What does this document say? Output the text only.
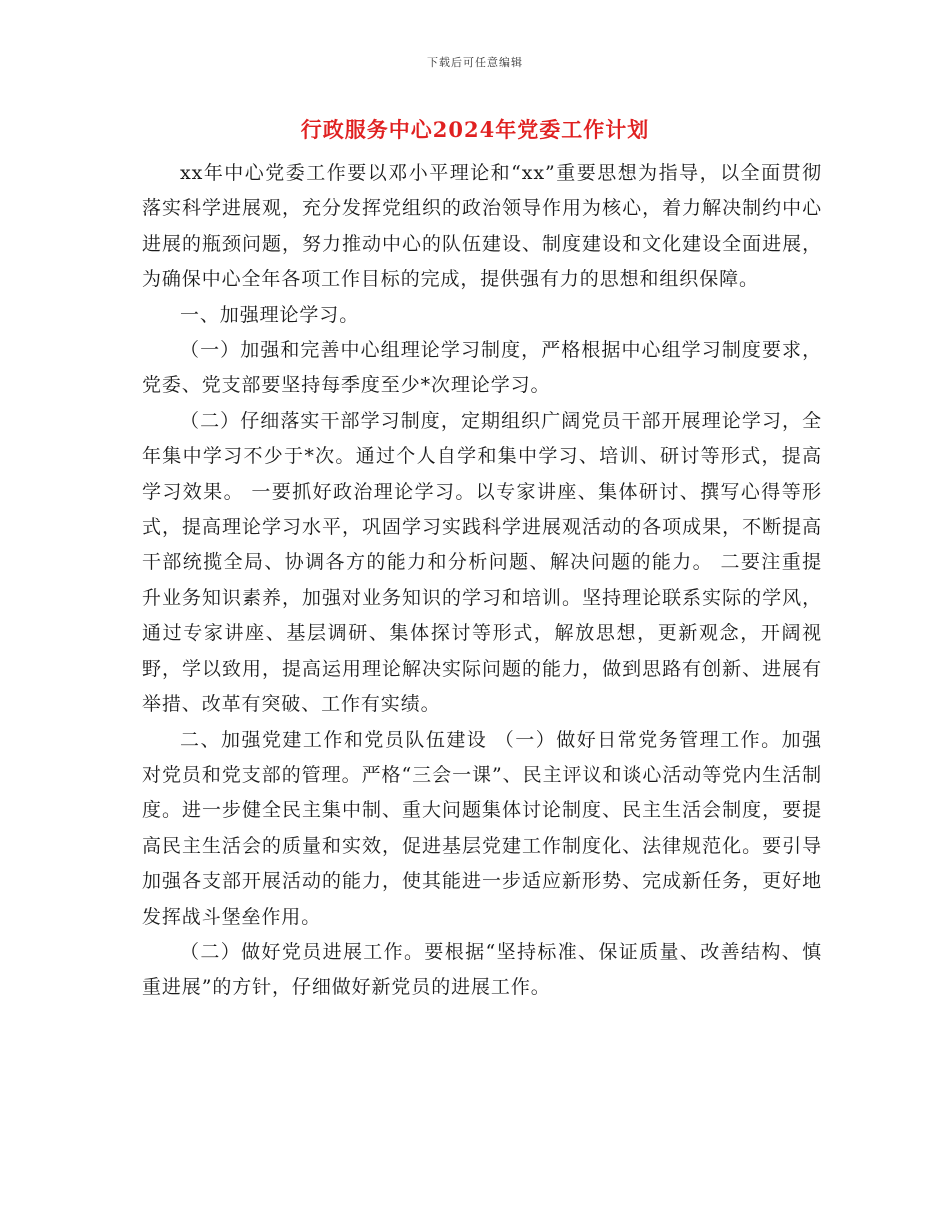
下载后可任意编辑
行政服务中心2024年党委工作计划

xx年中心党委工作要以邓小平理论和“xx”重要思想为指导，以全面贯彻落实科学进展观，充分发挥党组织的政治领导作用为核心，着力解决制约中心进展的瓶颈问题，努力推动中心的队伍建设、制度建设和文化建设全面进展，为确保中心全年各项工作目标的完成，提供强有力的思想和组织保障。

一、加强理论学习。

（一）加强和完善中心组理论学习制度，严格根据中心组学习制度要求，党委、党支部要坚持每季度至少*次理论学习。

（二）仔细落实干部学习制度，定期组织广阔党员干部开展理论学习，全年集中学习不少于*次。通过个人自学和集中学习、培训、研讨等形式，提高学习效果。 一要抓好政治理论学习。以专家讲座、集体研讨、撰写心得等形式，提高理论学习水平，巩固学习实践科学进展观活动的各项成果，不断提高干部统揽全局、协调各方的能力和分析问题、解决问题的能力。 二要注重提升业务知识素养，加强对业务知识的学习和培训。坚持理论联系实际的学风，通过专家讲座、基层调研、集体探讨等形式，解放思想，更新观念，开阔视野，学以致用，提高运用理论解决实际问题的能力，做到思路有创新、进展有举措、改革有突破、工作有实绩。

二、加强党建工作和党员队伍建设 （一）做好日常党务管理工作。加强对党员和党支部的管理。严格“三会一课”、民主评议和谈心活动等党内生活制度。进一步健全民主集中制、重大问题集体讨论制度、民主生活会制度，要提高民主生活会的质量和实效，促进基层党建工作制度化、法律规范化。要引导加强各支部开展活动的能力，使其能进一步适应新形势、完成新任务，更好地发挥战斗堡垒作用。

（二）做好党员进展工作。要根据“坚持标准、保证质量、改善结构、慎重进展”的方针，仔细做好新党员的进展工作。
